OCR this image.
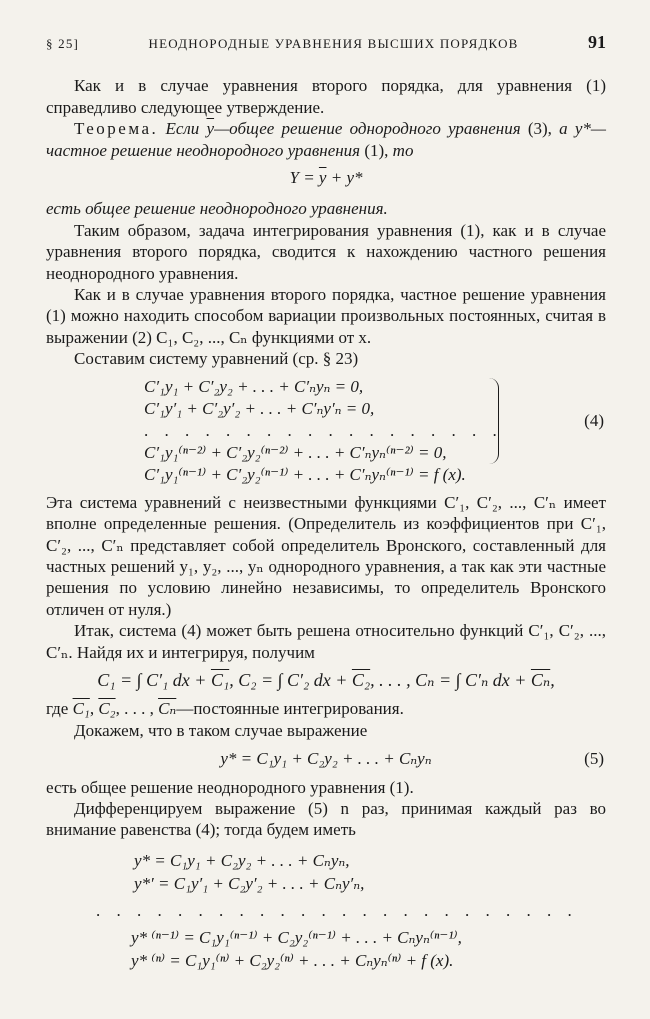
§ 25]	НЕОДНОРОДНЫЕ УРАВНЕНИЯ ВЫСШИХ ПОРЯДКОВ	91

Как и в случае уравнения второго порядка, для уравнения (1) справедливо следующее утверждение.

Теорема. Если $\overline{y}—общее$ решение однородного уравнения (3), а y*—частное решение неоднородного уравнения (1), то

$Y = \overline{y} + y*$

есть общее решение неоднородного уравнения.

Таким образом, задача интегрирования уравнения (1), как и в случае уравнения второго порядка, сводится к нахождению частного решения неоднородного уравнения.

Как и в случае уравнения второго порядка, частное решение уравнения (1) можно находить способом вариации произвольных постоянных, считая в выражении (2) C₁, C₂, ..., Cₙ функциями от x.

Составим систему уравнений (ср. § 23)

C′₁y₁ + C′₂y₂ + . . . + C′ₙyₙ = 0,
C′₁y′₁ + C′₂y′₂ + . . . + C′ₙy′ₙ = 0,
. . . . . . . . . . . . . . . . . .
C′₁y₁⁽ⁿ⁻²⁾ + C′₂y₂⁽ⁿ⁻²⁾ + . . . + C′ₙyₙ⁽ⁿ⁻²⁾ = 0,
C′₁y₁⁽ⁿ⁻¹⁾ + C′₂y₂⁽ⁿ⁻¹⁾ + . . . + C′ₙyₙ⁽ⁿ⁻¹⁾ = f (x).
(4)

Эта система уравнений с неизвестными функциями C′₁, C′₂, ..., C′ₙ имеет вполне определенные решения. (Определитель из коэффициентов при C′₁, C′₂, ..., C′ₙ представляет собой определитель Вронского, составленный для частных решений y₁, y₂, ..., yₙ однородного уравнения, а так как эти частные решения по условию линейно независимы, то определитель Вронского отличен от нуля.)

Итак, система (4) может быть решена относительно функций C′₁, C′₂, ..., C′ₙ. Найдя их и интегрируя, получим

C₁ = ∫ C′₁ dx + C₁, C₂ = ∫ C′₂ dx + C₂, . . . , Cₙ = ∫ C′ₙ dx + $\overline{C_n}$,

где C₁, C₂, . . . , $\overline{C_n}—постоянные$ интегрирования.

Докажем, что в таком случае выражение

y* = C₁y₁ + C₂y₂ + . . . + Cₙyₙ	(5)

есть общее решение неоднородного уравнения (1).

Дифференцируем выражение (5) n раз, принимая каждый раз во внимание равенства (4); тогда будем иметь

y* = C₁y₁ + C₂y₂ + . . . + Cₙyₙ,
y*′ = C₁y′₁ + C₂y′₂ + . . . + Cₙy′ₙ,
. . . . . . . . . . . . . . . . . . . . . . . .
y* ⁽ⁿ⁻¹⁾ = C₁y₁⁽ⁿ⁻¹⁾ + C₂y₂⁽ⁿ⁻¹⁾ + . . . + Cₙyₙ⁽ⁿ⁻¹⁾,
y* ⁽ⁿ⁾ = C₁y₁⁽ⁿ⁾ + C₂y₂⁽ⁿ⁾ + . . . + Cₙyₙ⁽ⁿ⁾ + f (x).
